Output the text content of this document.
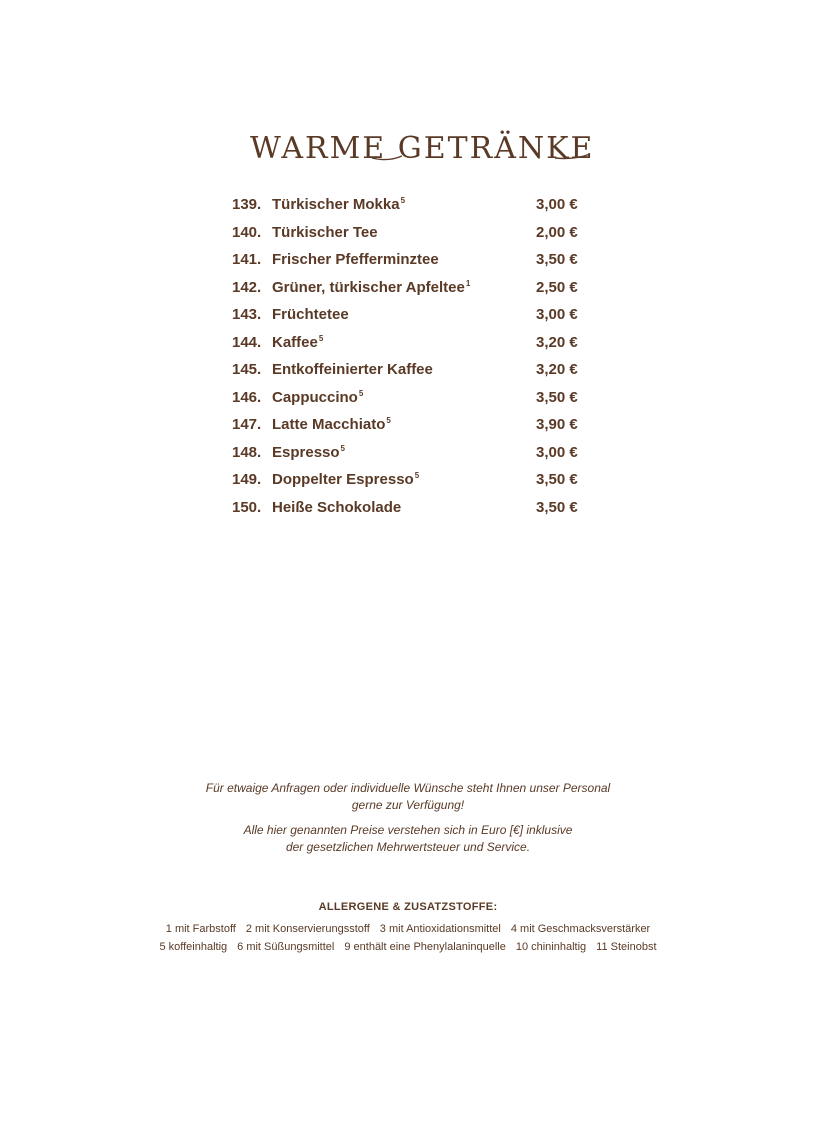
WARME GETRÄNKE
139. Türkischer Mokka$^5$	3,00 €
140. Türkischer Tee	2,00 €
141. Frischer Pfefferminztee	3,50 €
142. Grüner, türkischer Apfeltee$^1$	2,50 €
143. Früchtetee	3,00 €
144. Kaffee$^5$	3,20 €
145. Entkoffeinierter Kaffee	3,20 €
146. Cappuccino$^5$	3,50 €
147. Latte Macchiato$^5$	3,90 €
148. Espresso$^5$	3,00 €
149. Doppelter Espresso$^5$	3,50 €
150. Heiße Schokolade	3,50 €
Für etwaige Anfragen oder individuelle Wünsche steht Ihnen unser Personal
gerne zur Verfügung!
Alle hier genannten Preise verstehen sich in Euro [€] inklusive
der gesetzlichen Mehrwertsteuer und Service.
ALLERGENE & ZUSATZSTOFFE:
1 mit Farbstoff 2 mit Konservierungsstoff 3 mit Antioxidationsmittel 4 mit Geschmacksverstärker
5 koffeinhaltig 6 mit Süßungsmittel 9 enthält eine Phenylalaninquelle 10 chininhaltig 11 Steinobst
